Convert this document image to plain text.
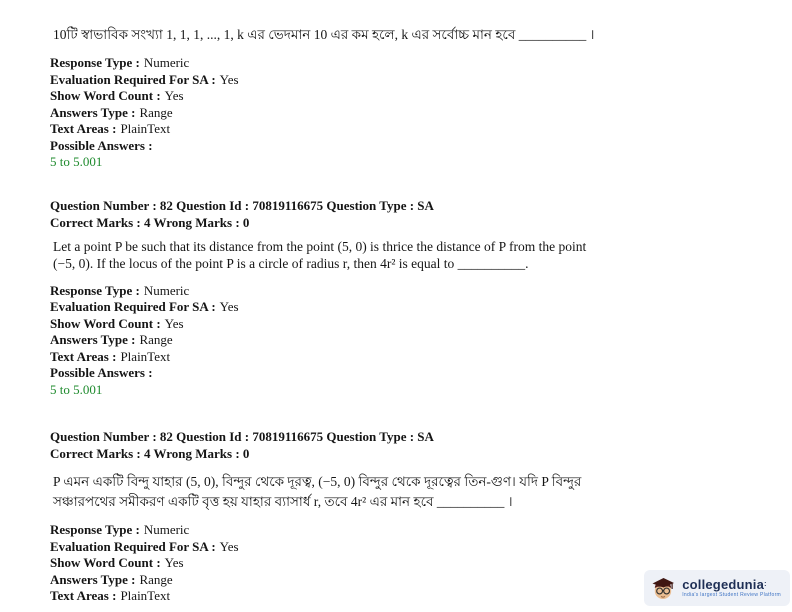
10টি স্বাভাবিক সংখ্যা 1, 1, 1, ..., 1, k এর ভেদমান 10 এর কম হলে, k এর সর্বোচ্চ মান হবে __________ ।

Response Type : Numeric

Evaluation Required For SA : Yes

Show Word Count : Yes

Answers Type : Range

Text Areas : PlainText

Possible Answers :

5 to 5.001

Question Number : 82 Question Id : 70819116675 Question Type : SA

Correct Marks : 4 Wrong Marks : 0

Let a point P be such that its distance from the point (5, 0) is thrice the distance of P from the point (−5, 0). If the locus of the point P is a circle of radius r, then 4r² is equal to __________.

Response Type : Numeric

Evaluation Required For SA : Yes

Show Word Count : Yes

Answers Type : Range

Text Areas : PlainText

Possible Answers :

5 to 5.001

Question Number : 82 Question Id : 70819116675 Question Type : SA

Correct Marks : 4 Wrong Marks : 0

P এমন একটি বিন্দু যাহার (5, 0), বিন্দুর থেকে দূরত্ব, (−5, 0) বিন্দুর থেকে দূরত্বের তিন-গুণ। যদি P বিন্দুর সঞ্চারপথের সমীকরণ একটি বৃত্ত হয় যাহার ব্যাসার্ধ r, তবে 4r² এর মান হবে __________ ।

Response Type : Numeric

Evaluation Required For SA : Yes

Show Word Count : Yes

Answers Type : Range

Text Areas : PlainText

collegedunia:
India's largest Student Review Platform
